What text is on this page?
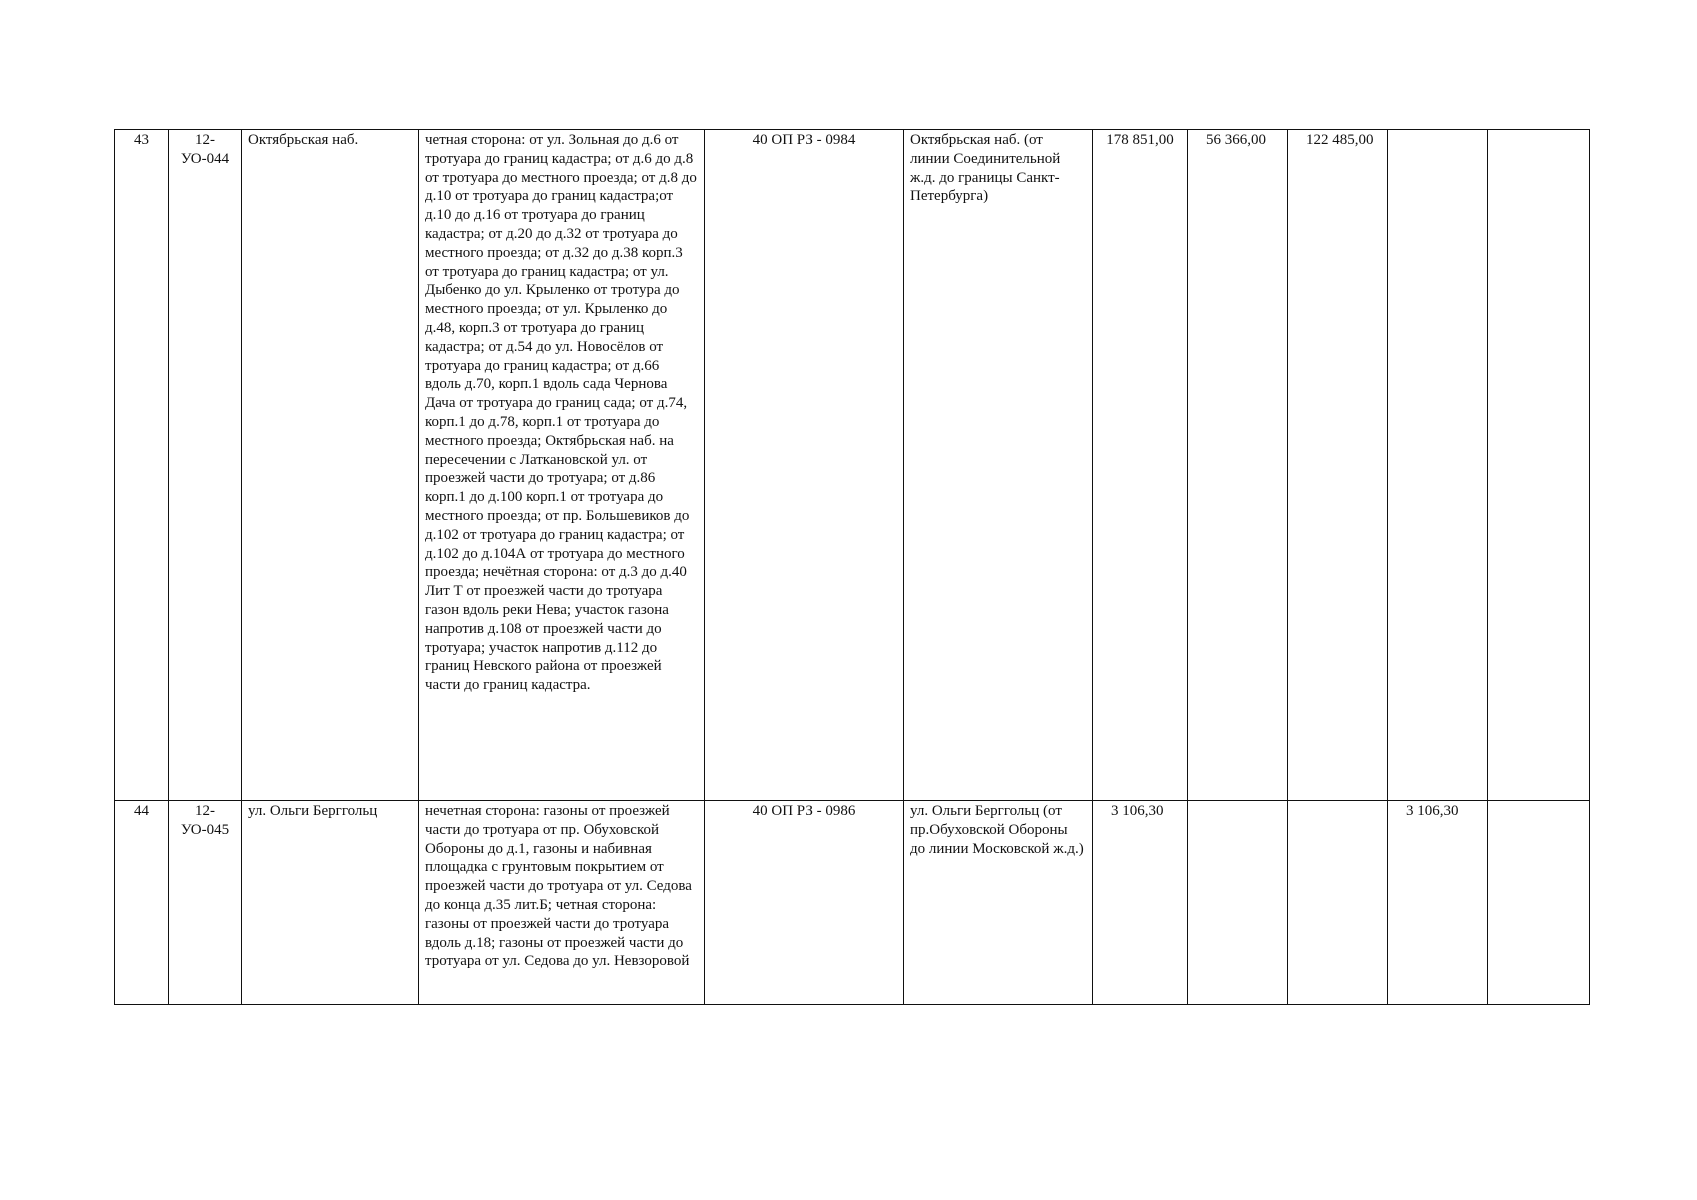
43	12-УО-044	Октябрьская наб.	четная сторона: от ул. Зольная до д.6 от тротуара до границ кадастра; от д.6 до д.8 от тротуара до местного проезда; от д.8 до д.10 от тротуара до границ кадастра;от д.10 до д.16 от тротуара до границ кадастра; от д.20 до д.32 от тротуара до местного проезда; от д.32 до д.38 корп.3 от тротуара до границ кадастра; от ул. Дыбенко до ул. Крыленко от тротура до местного проезда; от ул. Крыленко до д.48, корп.3 от тротуара до границ кадастра; от д.54 до ул. Новосёлов от тротуара до границ кадастра; от д.66 вдоль д.70, корп.1 вдоль сада Чернова Дача от тротуара до границ сада; от д.74, корп.1 до д.78, корп.1 от тротуара до местного проезда; Октябрьская наб. на пересечении с Латкановской ул. от проезжей части до тротуара; от д.86 корп.1 до д.100 корп.1 от тротуара до местного проезда; от пр. Большевиков до д.102 от тротуара до границ кадастра; от д.102 до д.104А от тротуара до местного проезда; нечётная сторона: от д.3 до д.40 Лит Т от проезжей части до тротуара газон вдоль реки Нева; участок газона напротив д.108 от проезжей части до тротуара; участок напротив д.112 до границ Невского района от проезжей части до границ кадастра.	40 ОП РЗ - 0984	Октябрьская наб. (от линии Соединительной ж.д. до границы Санкт-Петербурга)	178 851,00	56 366,00	122 485,00		
44	12-УО-045	ул. Ольги Берггольц	нечетная сторона: газоны от проезжей части до тротуара от пр. Обуховской Обороны до д.1, газоны и набивная площадка с грунтовым покрытием от проезжей части до тротуара от ул. Седова до конца д.35 лит.Б; четная сторона: газоны от проезжей части до тротуара вдоль д.18; газоны от проезжей части до тротуара от ул. Седова до ул. Невзоровой	40 ОП РЗ - 0986	ул. Ольги Берггольц (от пр.Обуховской Обороны до линии Московской ж.д.)	3 106,30			3 106,30	
